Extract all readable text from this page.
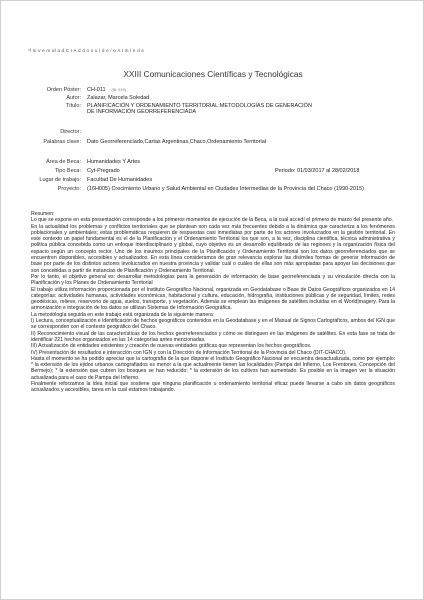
*l m v e m id a d C I A d d o n u l d e / o A t m l e d e
XXIII Comunicaciones Científicas y Tecnológicas
Orden Póster: CH-011 (ID: XXX)
Autor: Zalazar, Marcela Soledad
Título: PLANIFICACIÓN Y ORDENAMIENTO TERRITORIAL:METODOLOGÍAS DE GENERACIÓN DE INFORMACIÓN GEORREFERENCIADA
Director:
Palabras clave: Dato Georreferenciado,Cartas Argentinas,Chaco,Ordenamiento Territorial
Área de Beca: Humanidades Y Artes
Tipo Beca: Cyt-Pregrado	Periodo: 01/03/2017 al 28/02/2018
Lugar de trabajo: Facultad De Humanidades
Proyecto: (16H005) Crecimiento Urbano y Salud Ambiental en Ciudades Intermedias de la Provincia del Chaco (1990-2015)

Resumen:

Lo que se expone en esta presentación corresponde a los primeros momentos de ejecución de la Beca, a la cual accedí el primero de marzo del presente año.

En la actualidad los problemas y conflictos territoriales que se plantean son cada vez más frecuentes debido a la dinámica que caracteriza a los fenómenos poblacionales y ambientales; estas problemáticas requieren de respuestas casi inmediatas por parte de los actores involucrados en la gestión territorial. En este contexto un papel fundamental es el de la Planificación y el Ordenamiento Territorial los que son, a la vez, disciplina científica, técnica administrativa y política pública concebida como un enfoque interdisciplinario y global, cuyo objetivo es un desarrollo equilibrado de las regiones y la organización física del espacio según un concepto rector. Uno de los insumos principales de la Planificación y Ordenamiento Territorial son los datos georreferenciados que se encuentren disponibles, accesibles y actualizados. En esta línea consideramos de gran relevancia explorar las disímiles formas de generar información de base por parte de los distintos actores involucrados en nuestra provincia y validar cuál o cuáles de ellas son más apropiadas para apoyar las decisiones que son concebidas a partir de instancias de Planificación y Ordenamiento Territorial.

Por lo tanto, el objetivo general es: desarrollar metodologías para la generación de información de base georreferenciada y su vinculación directa con la Planificación y los Planes de Ordenamiento Territorial

El trabajo utiliza información proporcionada por el Instituto Geográfico Nacional, organizada en Geodatabase o Base de Datos Geográficos organizados en 14 categorías: actividades humanas, actividades económicas, habitacional y cultura, educación, hidrografía, instituciones públicas y de seguridad, límites, redes geodésicas, relieve, reservorio de agua, suelos, transporte, y vegetación. Además se emplean las imágenes de satélites incluidas en el World|magery. Para la armonización e integración de los datos se utilizan Sistemas de Información Geográfica.

La metodología seguida en este trabajo está organizada de la siguiente manera:

I) Lectura, conceptualización e identificación de hechos geográficos contenidos en la Geodatabase y en el Manual de Signos Cartográficos, ambos del IGN que se corresponden con el contexto geográfico del Chaco.

II) Reconocimiento visual de las características de los hechos georreferenciados y cómo se distinguen en las imágenes de satélites. En esta fase se trata de identificar 221 hechos organizados en las 14 categorías antes mencionadas.

III) Actualización de entidades existentes y creación de nuevas entidades gráficas que representan los hechos geográficos.

IV) Presentación de resultados e interacción con IGN y con la Dirección de Información Territorial de la Provincia del Chaco (DIT-CHACO).

Hasta el momento se ha podido apreciar que la cartografía de la que dispone el Instituto Geográfico Nacional se encuentra desactualizada, como por ejemplo: * la extensión de los ejidos urbanos cartografiados es menor a la que actualmente tienen las localidades (Pampa del Infierno, Los Frentones, Concepción del Bermejo); * la extensión que cubren los bosques se han reducido; * la extensión de los cultivos han aumentado. Es posible en la imagen ver la situación actualizada para el caso de Pampa del Infierno.

Finalmente reforzamos la idea inicial que sostiene que ninguna planificación u ordenamiento territorial eficaz puede llevarse a cabo sin datos geográficos actualizados y accesibles, tarea en la cual estamos trabajando.
